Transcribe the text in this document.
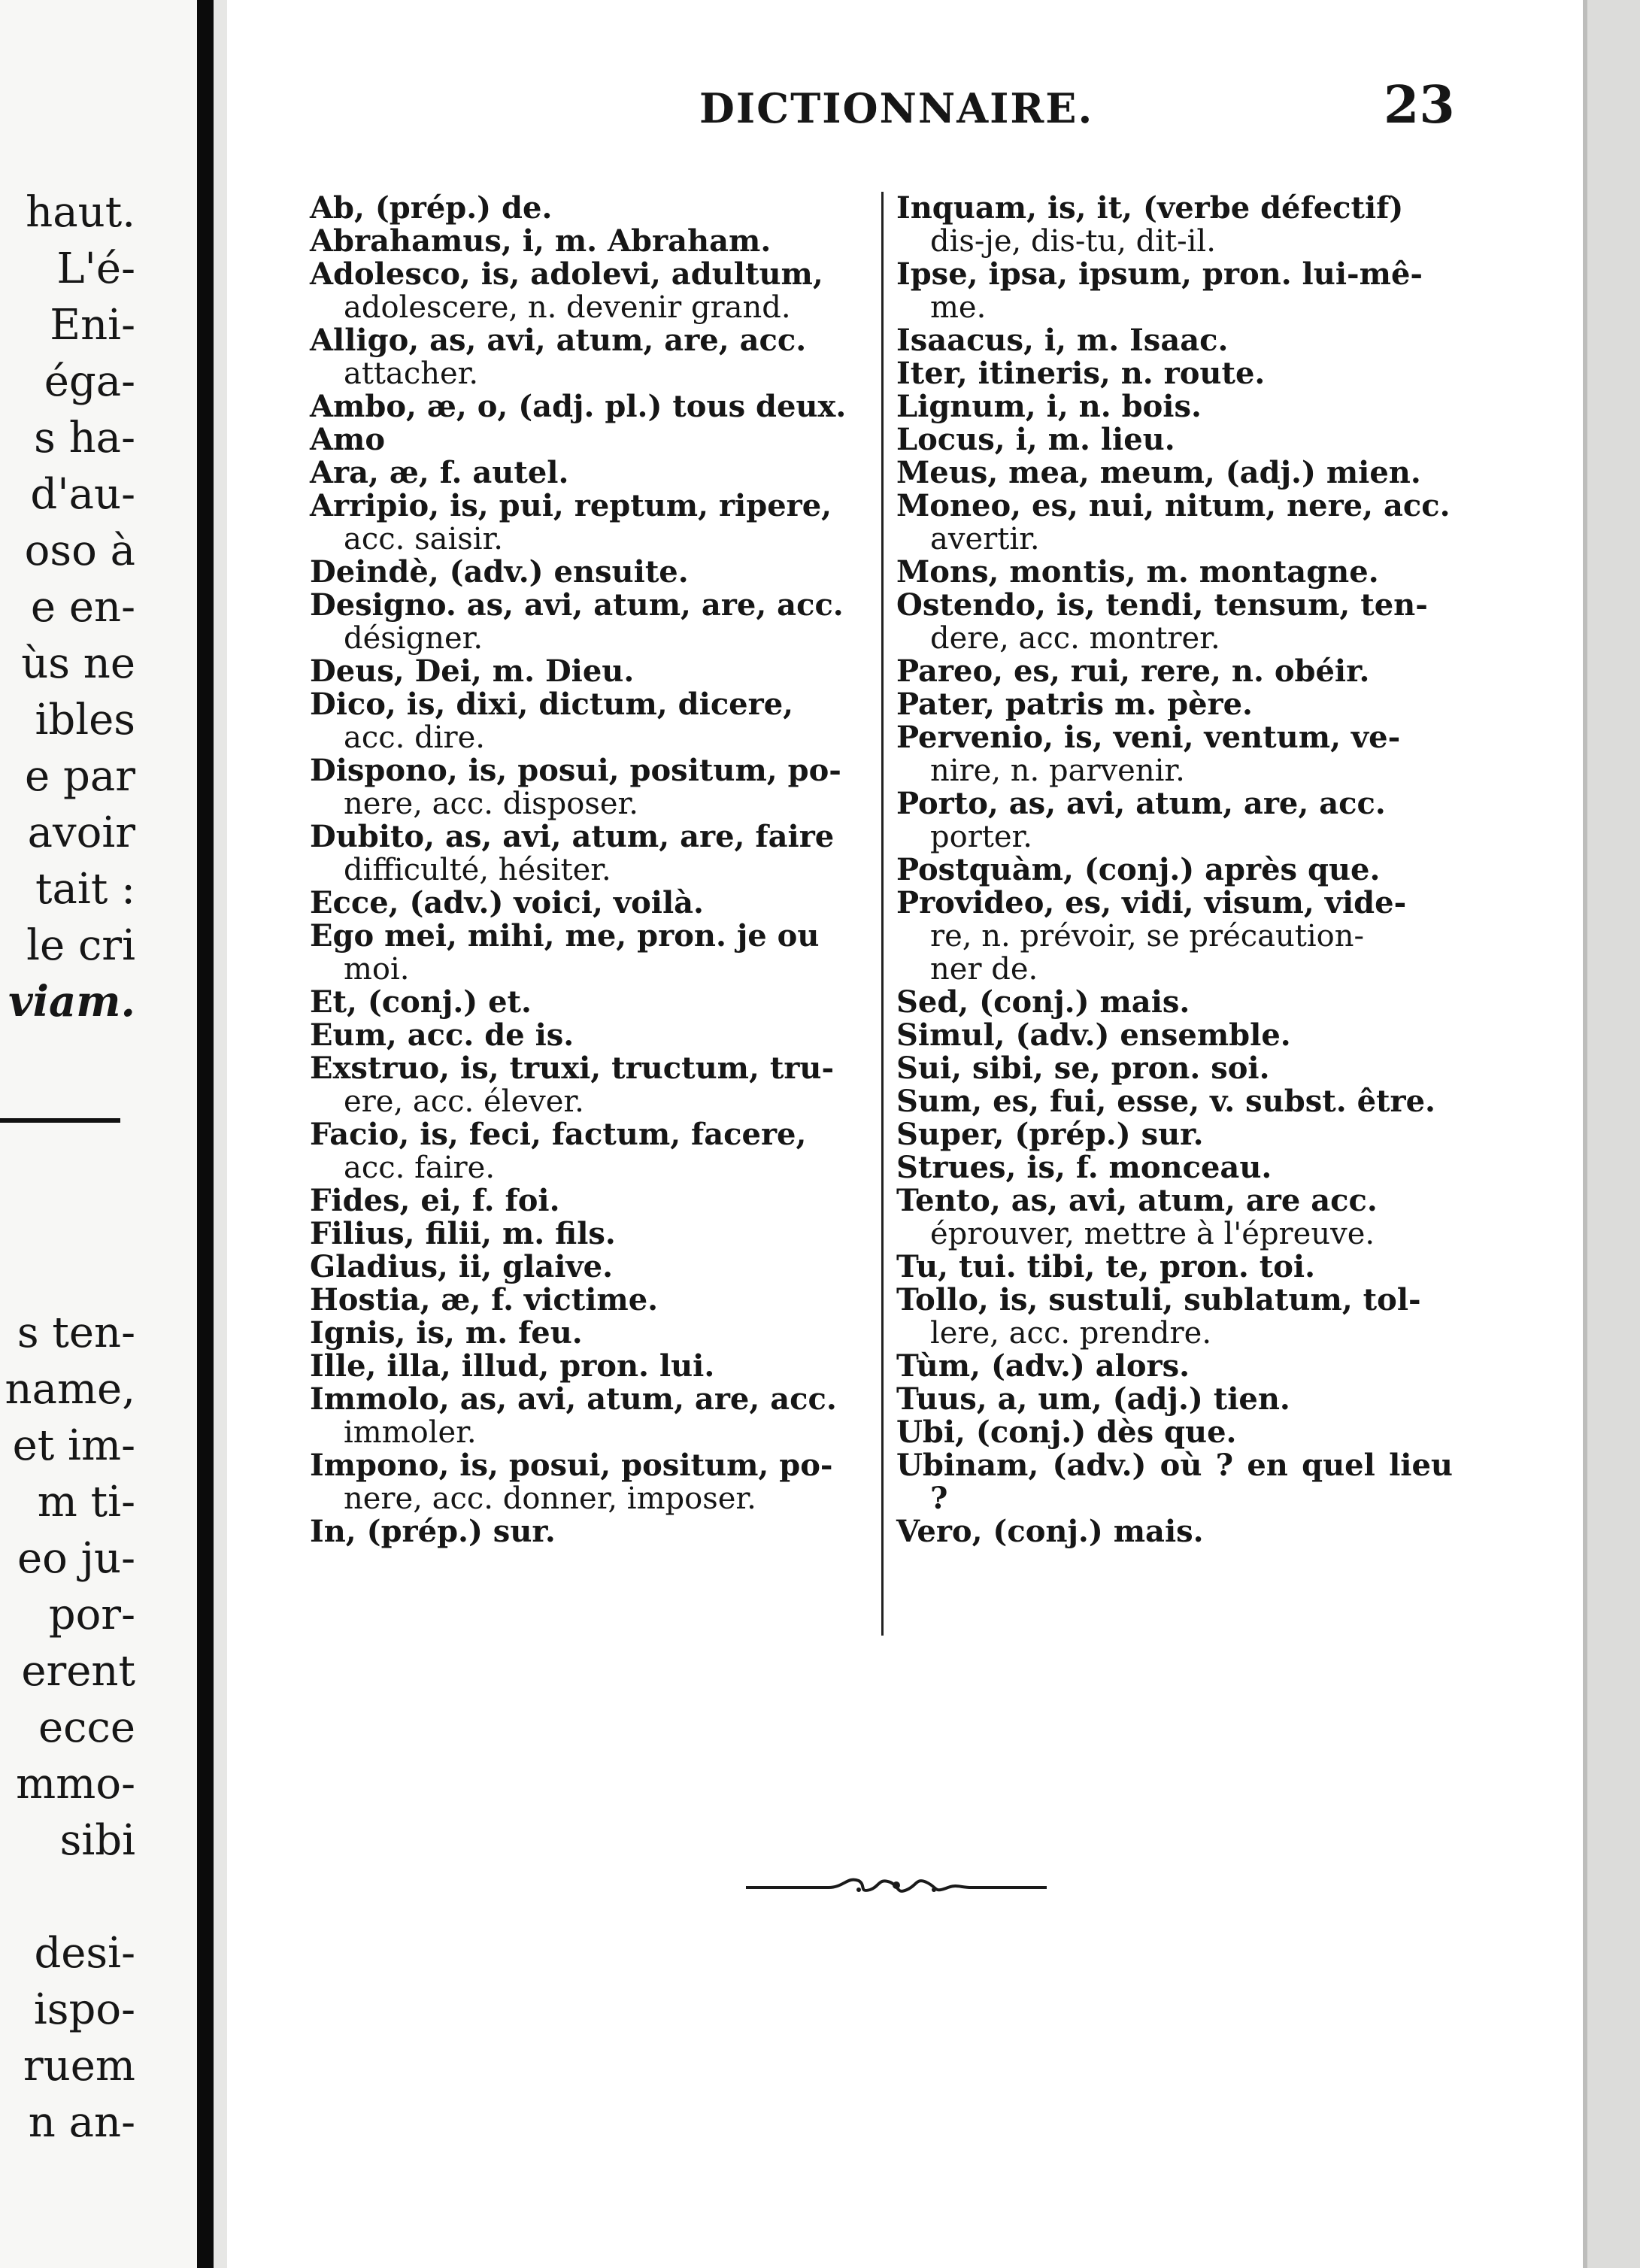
haut.
L'é-
Eni-
éga-
s ha-
d'au-
oso à
e en-
ùs ne
ibles
e par
avoir
tait :
le cri
viam.
s ten-
name,
et im-
m ti-
eo ju-
por-
erent
ecce
mmo-
sibi
desi-
ispo-
ruem
n an-
DICTIONNAIRE.	23
Ab, (prép.) de.
Abrahamus, i, m. Abraham.
Adolesco, is, adolevi, adultum,
adolescere, n. devenir grand.
Alligo, as, avi, atum, are, acc.
attacher.
Ambo, æ, o, (adj. pl.) tous deux.
Amo
Ara, æ, f. autel.
Arripio, is, pui, reptum, ripere,
acc. saisir.
Deindè, (adv.) ensuite.
Designo. as, avi, atum, are, acc.
désigner.
Deus, Dei, m. Dieu.
Dico, is, dixi, dictum, dicere,
acc. dire.
Dispono, is, posui, positum, po-
nere, acc. disposer.
Dubito, as, avi, atum, are, faire
difficulté, hésiter.
Ecce, (adv.) voici, voilà.
Ego mei, mihi, me, pron. je ou
moi.
Et, (conj.) et.
Eum, acc. de is.
Exstruo, is, truxi, tructum, tru-
ere, acc. élever.
Facio, is, feci, factum, facere,
acc. faire.
Fides, ei, f. foi.
Filius, filii, m. fils.
Gladius, ii, glaive.
Hostia, æ, f. victime.
Ignis, is, m. feu.
Ille, illa, illud, pron. lui.
Immolo, as, avi, atum, are, acc.
immoler.
Impono, is, posui, positum, po-
nere, acc. donner, imposer.
In, (prép.) sur.
Inquam, is, it, (verbe défectif)
dis-je, dis-tu, dit-il.
Ipse, ipsa, ipsum, pron. lui-mê-
me.
Isaacus, i, m. Isaac.
Iter, itineris, n. route.
Lignum, i, n. bois.
Locus, i, m. lieu.
Meus, mea, meum, (adj.) mien.
Moneo, es, nui, nitum, nere, acc.
avertir.
Mons, montis, m. montagne.
Ostendo, is, tendi, tensum, ten-
dere, acc. montrer.
Pareo, es, rui, rere, n. obéir.
Pater, patris m. père.
Pervenio, is, veni, ventum, ve-
nire, n. parvenir.
Porto, as, avi, atum, are, acc.
porter.
Postquàm, (conj.) après que.
Provideo, es, vidi, visum, vide-
re, n. prévoir, se précaution-
ner de.
Sed, (conj.) mais.
Simul, (adv.) ensemble.
Sui, sibi, se, pron. soi.
Sum, es, fui, esse, v. subst. être.
Super, (prép.) sur.
Strues, is, f. monceau.
Tento, as, avi, atum, are acc.
éprouver, mettre à l'épreuve.
Tu, tui. tibi, te, pron. toi.
Tollo, is, sustuli, sublatum, tol-
lere, acc. prendre.
Tùm, (adv.) alors.
Tuus, a, um, (adj.) tien.
Ubi, (conj.) dès que.
Ubinam, (adv.) où ? en quel lieu ?
Vero, (conj.) mais.
